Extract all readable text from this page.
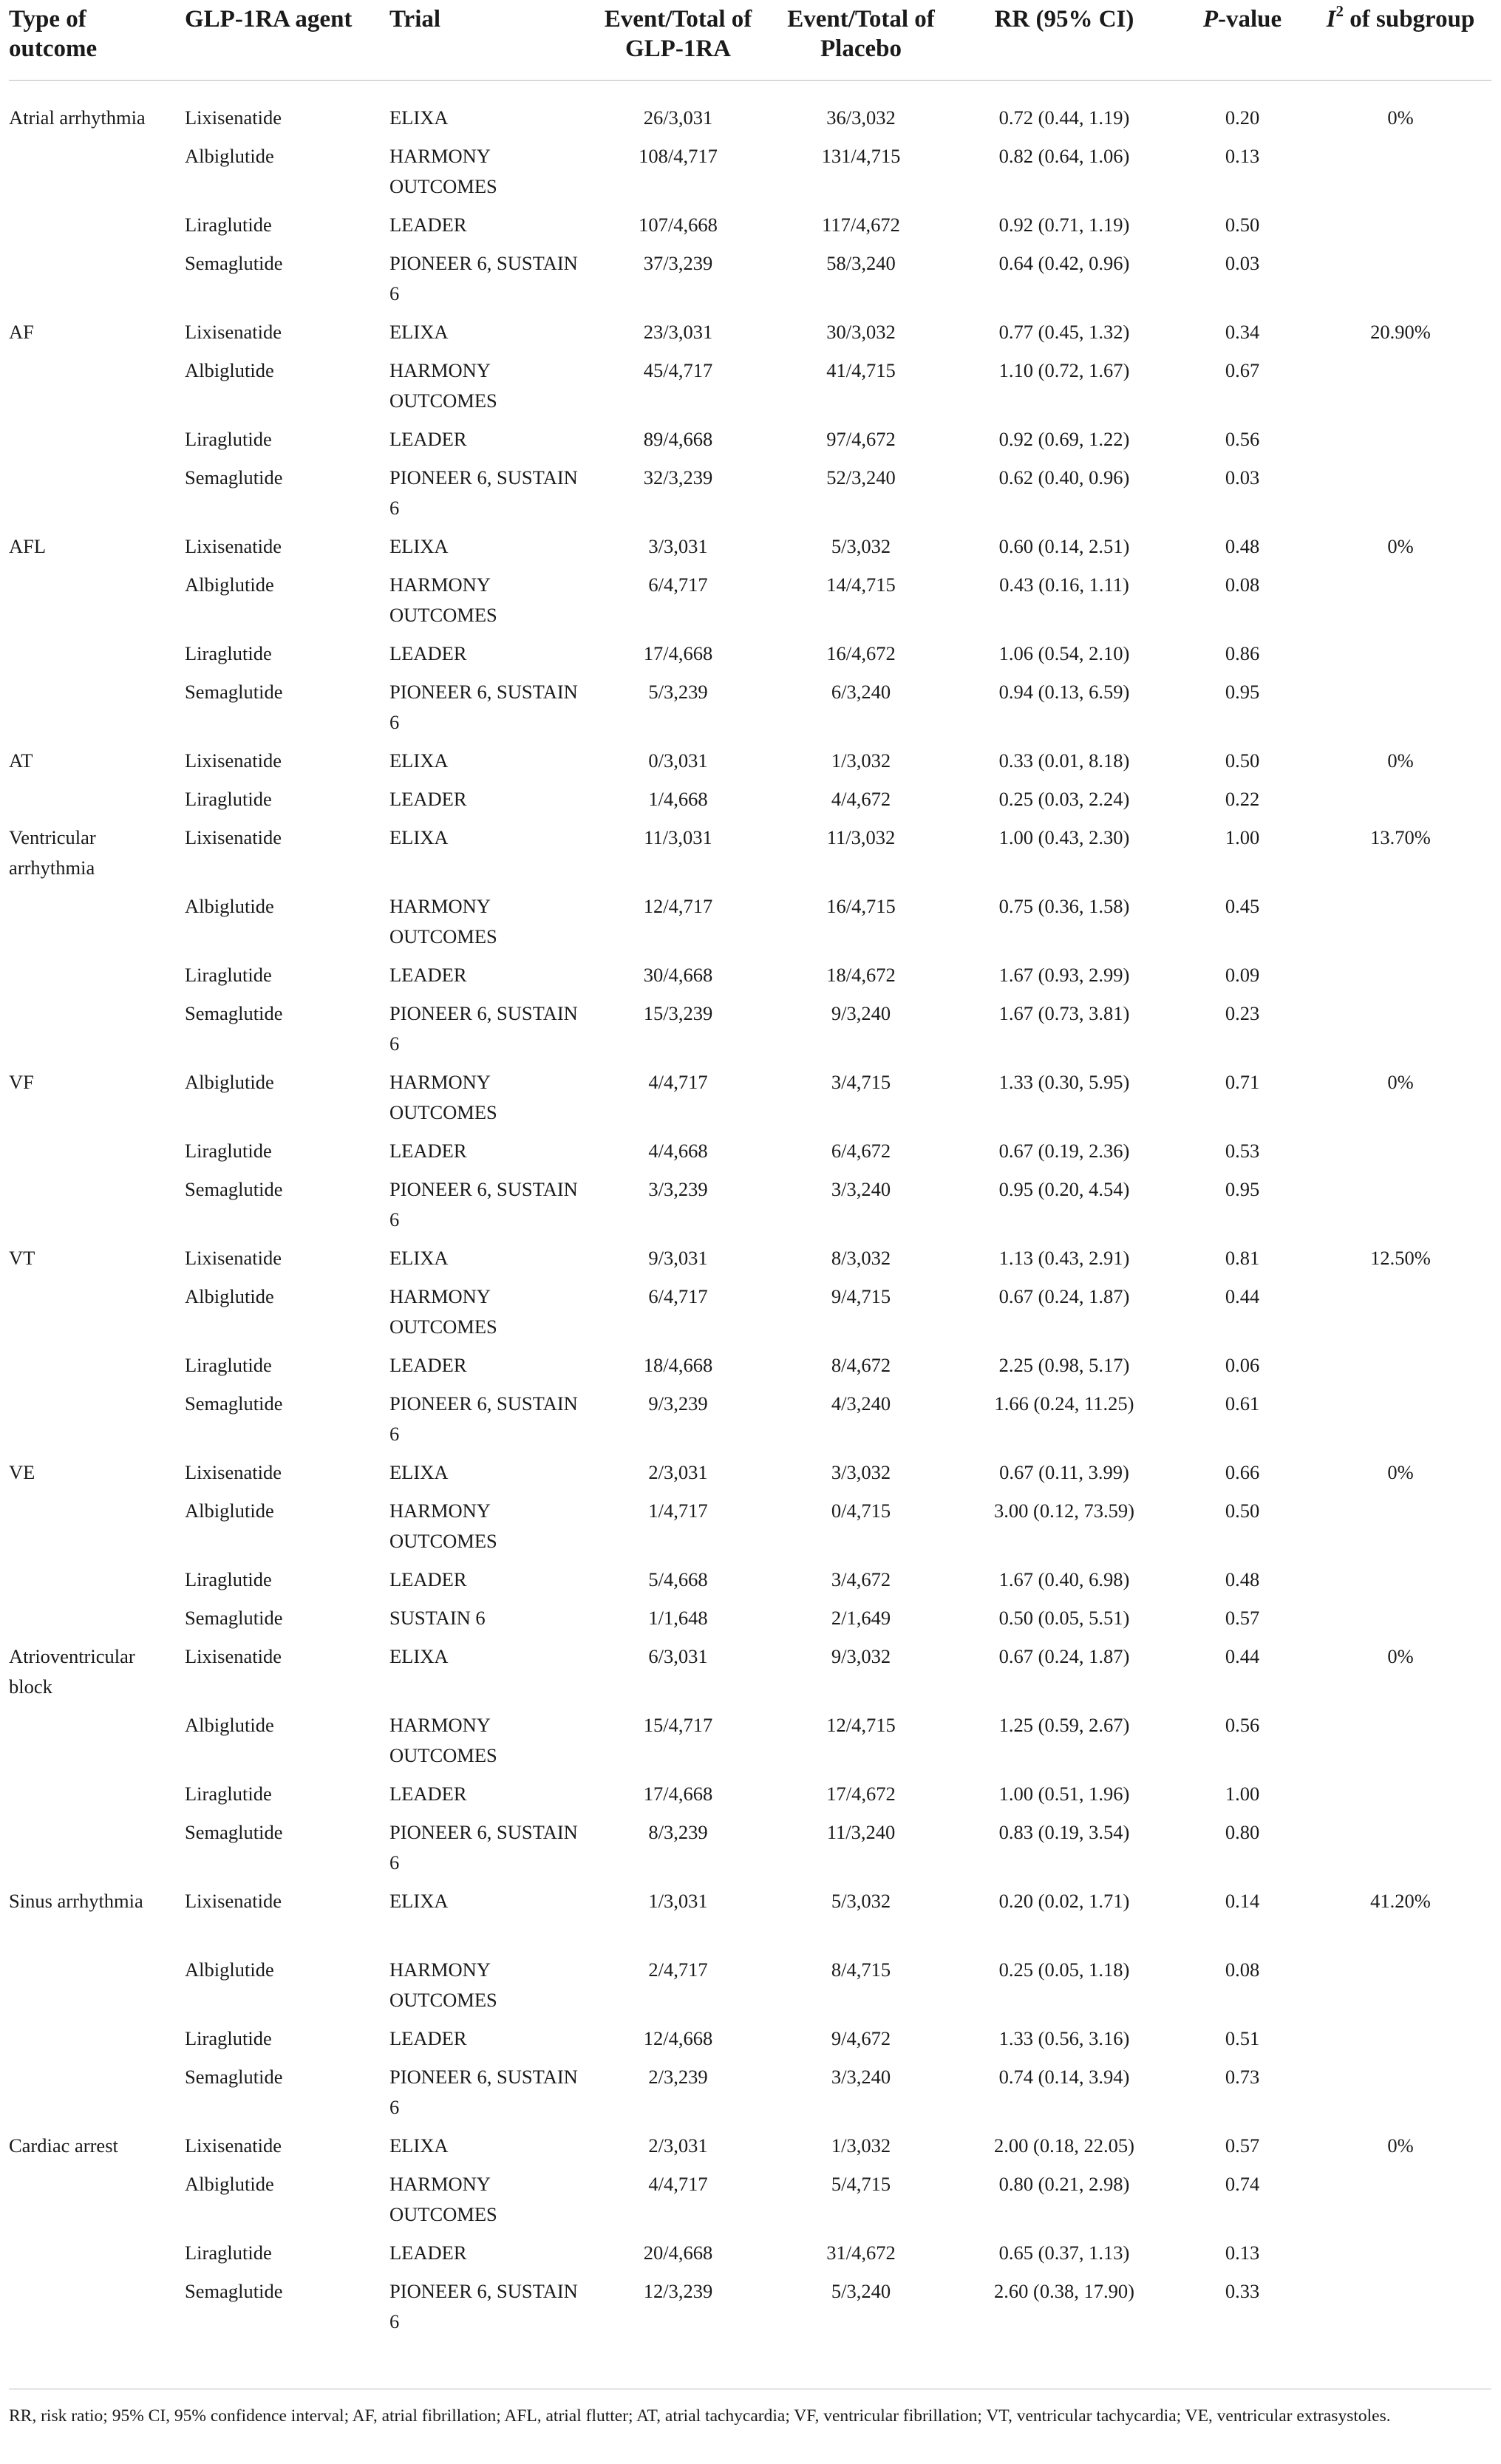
Type of outcome	GLP-1RA agent	Trial	Event/Total of GLP-1RA	Event/Total of Placebo	RR (95% CI)	P-value	$I^2$ of subgroup
Atrial arrhythmia	Lixisenatide	ELIXA	26/3,031	36/3,032	0.72 (0.44, 1.19)	0.20	0%
	Albiglutide	HARMONY OUTCOMES	108/4,717	131/4,715	0.82 (0.64, 1.06)	0.13	
	Liraglutide	LEADER	107/4,668	117/4,672	0.92 (0.71, 1.19)	0.50	
	Semaglutide	PIONEER 6, SUSTAIN 6	37/3,239	58/3,240	0.64 (0.42, 0.96)	0.03	
AF	Lixisenatide	ELIXA	23/3,031	30/3,032	0.77 (0.45, 1.32)	0.34	20.90%
	Albiglutide	HARMONY OUTCOMES	45/4,717	41/4,715	1.10 (0.72, 1.67)	0.67	
	Liraglutide	LEADER	89/4,668	97/4,672	0.92 (0.69, 1.22)	0.56	
	Semaglutide	PIONEER 6, SUSTAIN 6	32/3,239	52/3,240	0.62 (0.40, 0.96)	0.03	
AFL	Lixisenatide	ELIXA	3/3,031	5/3,032	0.60 (0.14, 2.51)	0.48	0%
	Albiglutide	HARMONY OUTCOMES	6/4,717	14/4,715	0.43 (0.16, 1.11)	0.08	
	Liraglutide	LEADER	17/4,668	16/4,672	1.06 (0.54, 2.10)	0.86	
	Semaglutide	PIONEER 6, SUSTAIN 6	5/3,239	6/3,240	0.94 (0.13, 6.59)	0.95	
AT	Lixisenatide	ELIXA	0/3,031	1/3,032	0.33 (0.01, 8.18)	0.50	0%
	Liraglutide	LEADER	1/4,668	4/4,672	0.25 (0.03, 2.24)	0.22	
Ventricular arrhythmia	Lixisenatide	ELIXA	11/3,031	11/3,032	1.00 (0.43, 2.30)	1.00	13.70%
	Albiglutide	HARMONY OUTCOMES	12/4,717	16/4,715	0.75 (0.36, 1.58)	0.45	
	Liraglutide	LEADER	30/4,668	18/4,672	1.67 (0.93, 2.99)	0.09	
	Semaglutide	PIONEER 6, SUSTAIN 6	15/3,239	9/3,240	1.67 (0.73, 3.81)	0.23	
VF	Albiglutide	HARMONY OUTCOMES	4/4,717	3/4,715	1.33 (0.30, 5.95)	0.71	0%
	Liraglutide	LEADER	4/4,668	6/4,672	0.67 (0.19, 2.36)	0.53	
	Semaglutide	PIONEER 6, SUSTAIN 6	3/3,239	3/3,240	0.95 (0.20, 4.54)	0.95	
VT	Lixisenatide	ELIXA	9/3,031	8/3,032	1.13 (0.43, 2.91)	0.81	12.50%
	Albiglutide	HARMONY OUTCOMES	6/4,717	9/4,715	0.67 (0.24, 1.87)	0.44	
	Liraglutide	LEADER	18/4,668	8/4,672	2.25 (0.98, 5.17)	0.06	
	Semaglutide	PIONEER 6, SUSTAIN 6	9/3,239	4/3,240	1.66 (0.24, 11.25)	0.61	
VE	Lixisenatide	ELIXA	2/3,031	3/3,032	0.67 (0.11, 3.99)	0.66	0%
	Albiglutide	HARMONY OUTCOMES	1/4,717	0/4,715	3.00 (0.12, 73.59)	0.50	
	Liraglutide	LEADER	5/4,668	3/4,672	1.67 (0.40, 6.98)	0.48	
	Semaglutide	SUSTAIN 6	1/1,648	2/1,649	0.50 (0.05, 5.51)	0.57	
Atrioventricular block	Lixisenatide	ELIXA	6/3,031	9/3,032	0.67 (0.24, 1.87)	0.44	0%
	Albiglutide	HARMONY OUTCOMES	15/4,717	12/4,715	1.25 (0.59, 2.67)	0.56	
	Liraglutide	LEADER	17/4,668	17/4,672	1.00 (0.51, 1.96)	1.00	
	Semaglutide	PIONEER 6, SUSTAIN 6	8/3,239	11/3,240	0.83 (0.19, 3.54)	0.80	
Sinus arrhythmia	Lixisenatide	ELIXA	1/3,031	5/3,032	0.20 (0.02, 1.71)	0.14	41.20%
	Albiglutide	HARMONY OUTCOMES	2/4,717	8/4,715	0.25 (0.05, 1.18)	0.08	
	Liraglutide	LEADER	12/4,668	9/4,672	1.33 (0.56, 3.16)	0.51	
	Semaglutide	PIONEER 6, SUSTAIN 6	2/3,239	3/3,240	0.74 (0.14, 3.94)	0.73	
Cardiac arrest	Lixisenatide	ELIXA	2/3,031	1/3,032	2.00 (0.18, 22.05)	0.57	0%
	Albiglutide	HARMONY OUTCOMES	4/4,717	5/4,715	0.80 (0.21, 2.98)	0.74	
	Liraglutide	LEADER	20/4,668	31/4,672	0.65 (0.37, 1.13)	0.13	
	Semaglutide	PIONEER 6, SUSTAIN 6	12/3,239	5/3,240	2.60 (0.38, 17.90)	0.33	
RR, risk ratio; 95% CI, 95% confidence interval; AF, atrial fibrillation; AFL, atrial flutter; AT, atrial tachycardia; VF, ventricular fibrillation; VT, ventricular tachycardia; VE, ventricular extrasystoles.
